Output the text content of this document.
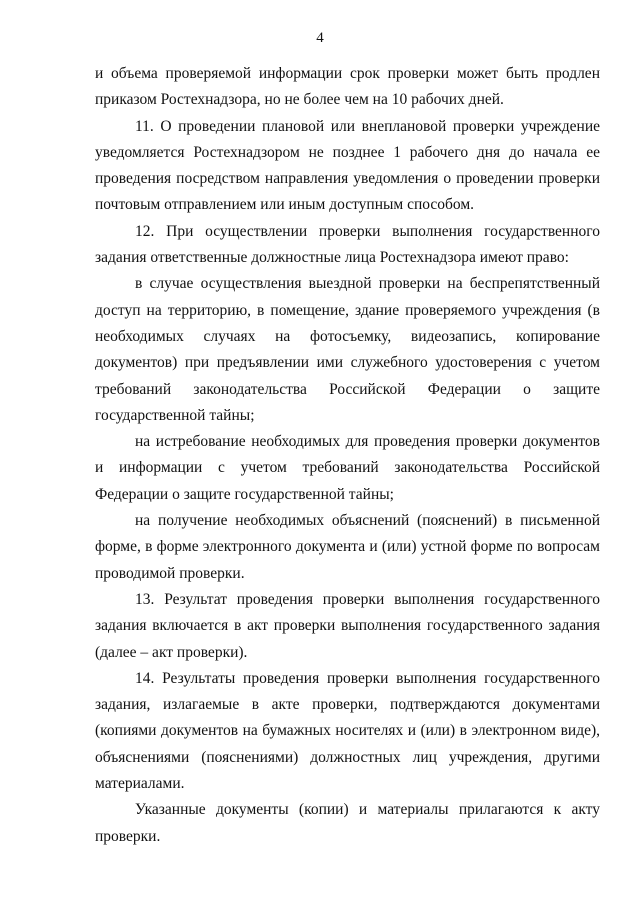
4

и объема проверяемой информации срок проверки может быть продлен приказом Ростехнадзора, но не более чем на 10 рабочих дней.

11. О проведении плановой или внеплановой проверки учреждение уведомляется Ростехнадзором не позднее 1 рабочего дня до начала ее проведения посредством направления уведомления о проведении проверки почтовым отправлением или иным доступным способом.

12. При осуществлении проверки выполнения государственного задания ответственные должностные лица Ростехнадзора имеют право:

в случае осуществления выездной проверки на беспрепятственный доступ на территорию, в помещение, здание проверяемого учреждения (в необходимых случаях на фотосъемку, видеозапись, копирование документов) при предъявлении ими служебного удостоверения с учетом требований законодательства Российской Федерации о защите государственной тайны;

на истребование необходимых для проведения проверки документов и информации с учетом требований законодательства Российской Федерации о защите государственной тайны;

на получение необходимых объяснений (пояснений) в письменной форме, в форме электронного документа и (или) устной форме по вопросам проводимой проверки.

13. Результат проведения проверки выполнения государственного задания включается в акт проверки выполнения государственного задания (далее – акт проверки).

14. Результаты проведения проверки выполнения государственного задания, излагаемые в акте проверки, подтверждаются документами (копиями документов на бумажных носителях и (или) в электронном виде), объяснениями (пояснениями) должностных лиц учреждения, другими материалами.

Указанные документы (копии) и материалы прилагаются к акту проверки.
